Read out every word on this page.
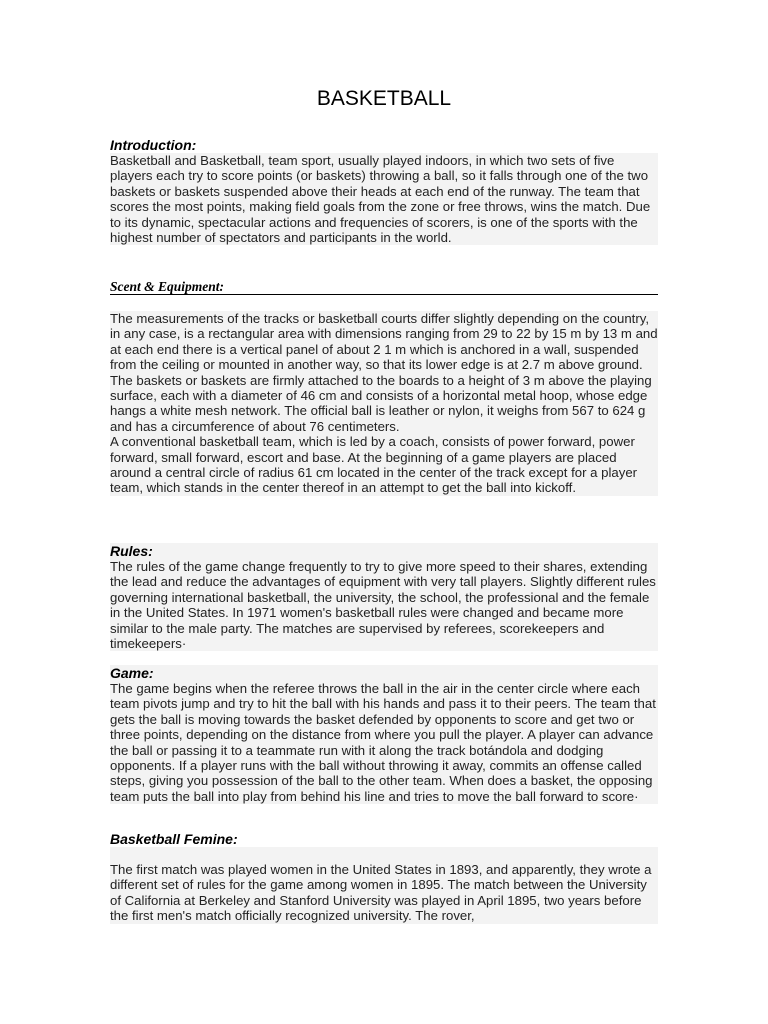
BASKETBALL
Introduction:
Basketball and Basketball, team sport, usually played indoors, in which two sets of five players each try to score points (or baskets) throwing a ball, so it falls through one of the two baskets or baskets suspended above their heads at each end of the runway. The team that scores the most points, making field goals from the zone or free throws, wins the match. Due to its dynamic, spectacular actions and frequencies of scorers, is one of the sports with the highest number of spectators and participants in the world.
Scent & Equipment:
The measurements of the tracks or basketball courts differ slightly depending on the country, in any case, is a rectangular area with dimensions ranging from 29 to 22 by 15 m by 13 m and at each end there is a vertical panel of about 2 1 m which is anchored in a wall, suspended from the ceiling or mounted in another way, so that its lower edge is at 2.7 m above ground. The baskets or baskets are firmly attached to the boards to a height of 3 m above the playing surface, each with a diameter of 46 cm and consists of a horizontal metal hoop, whose edge hangs a white mesh network. The official ball is leather or nylon, it weighs from 567 to 624 g and has a circumference of about 76 centimeters.
A conventional basketball team, which is led by a coach, consists of power forward, power forward, small forward, escort and base. At the beginning of a game players are placed around a central circle of radius 61 cm located in the center of the track except for a player team, which stands in the center thereof in an attempt to get the ball into kickoff.
Rules:
The rules of the game change frequently to try to give more speed to their shares, extending the lead and reduce the advantages of equipment with very tall players. Slightly different rules governing international basketball, the university, the school, the professional and the female in the United States. In 1971 women's basketball rules were changed and became more similar to the male party. The matches are supervised by referees, scorekeepers and timekeepers·
Game:
The game begins when the referee throws the ball in the air in the center circle where each team pivots jump and try to hit the ball with his hands and pass it to their peers. The team that gets the ball is moving towards the basket defended by opponents to score and get two or three points, depending on the distance from where you pull the player. A player can advance the ball or passing it to a teammate run with it along the track botándola and dodging opponents. If a player runs with the ball without throwing it away, commits an offense called steps, giving you possession of the ball to the other team. When does a basket, the opposing team puts the ball into play from behind his line and tries to move the ball forward to score·
Basketball Femine:
The first match was played women in the United States in 1893, and apparently, they wrote a different set of rules for the game among women in 1895. The match between the University of California at Berkeley and Stanford University was played in April 1895, two years before the first men's match officially recognized university. The rover,
